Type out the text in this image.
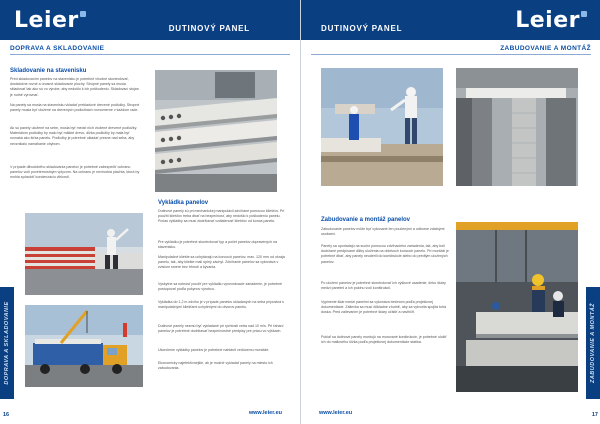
Leier	DUTINOVÝ PANEL
DOPRAVA A SKLADOVANIE
Skladovanie na stavenisku
Pred skladovaním panelov na stavenisku je potrebné vhodné skontrolovať, dostatočne rovné a únosné skladovacie plochy. Stropné panely sa musia skladovať tak ako sú vo výrobe, aby nedošlo k ich poškodeniu. Skladovací stojan je nutné vyrovnať.
Na panely sa musia na stavenisku vkladať prekladové drevené podložky. Stropné panely musia byť uložené na drevených podložkách rovnomerne v každom rade.
Ak sú panely uložené na sebe, musia byť medzi nich vložené drevené podložky. Materiálom podložky by malo byť mäkké drevo, dĺžka podložky by mala byť rovnaká ako šírka panelu. Podložky je potrebné ukladať presne nad seba, aby nevznikalo namáhanie ohybom.
V prípade dlhodobého skladovania panelov je potrebné zabezpečiť ochranu panelov voči poveternostným vplyvom. Na ochranu je nevhodná plachta, ktorá by mohla spôsobiť kondenzáciu vlhkosti.
Vykládka panelov
Dutinové panely sú pri mechanickej manipulácii zdvíhané pomocou kliešťov. Pri použití kliešťov treba dbať na bezpečnosť, aby nedošlo k poškodeniu panelu. Počas vykládky sa musí dodržiavať vzdialenosť kliešťov od konca panelu.
Pre vykládku je potrebné skontrolovať typ a počet panelov dopravených na stavenisko.
Manipulačné kliešte sa uchytávajú na koncoch panelov, max. 120 mm od okraja panelu, tak, aby kliešte mali úplný záchyt. Zdvíhanie panelov sa vykonáva v zvislom smere bez trhnutí a kývania.
Vyskytne sa nutnosť použiť pre vykládku vyrovnávacie zariadenie, je potrebné postupovať podľa pokynov výrobcu.
Vykládka do 1,2 m zdvihu je v prípade panelov ukladaných na seba prípustná s manipulačnými kliešťami uchytenými do otvorov panelu.
Dutinové panely nesmú byť vykladané pri rýchlosti vetra nad 10 m/s. Pri ťahaní panelov je potrebné dodržiavať bezpečnostné predpisy pre prácu vo výškach.
Ukončenie vykládky panelov je potrebné nahlásiť vedúcemu montáže.
Ekonomicky najefektívnejšie, ak je možné vykladať panely na miesto ich zabudovania.
DOPRAVA A SKLADOVANIE
16	www.leier.eu
DUTINOVÝ PANEL	Leier
ZABUDOVANIE A MONTÁŽ
Zabudovanie a montáž panelov
Zabudovanie panelov môže byť vykonané len poučenými a odborne zdatnými osobami.
Panely sa uporiadajú na sucho pomocou zdvíhacieho zariadenia, tak, aby boli dodržané predpísané dĺžky uloženia na obidvoch koncoch panelu. Pri montáži je potrebné dbať, aby panely neuderili do konštrukcie alebo do predtým uložených panelov.
Po uložení panelov je potrebné skontrolovať ich výškové osadenie, šírku škáry medzi panelmi a ich polohu voči konštrukcii.
Vyplnenie škár medzi panelmi sa vykonáva betónom podľa projektovej dokumentácie. Zálievka sa musí dôkladne zhutniť, aby sa vytvorila spojitá tuhá doska. Pred zalievaním je potrebné škáry očistiť a navlhčiť.
Pokiaľ sa dutinové panely montujú na murované konštrukcie, je potrebné uložiť ich do maltového lôžka podľa projektovej dokumentácie statika.	ZABUDOVANIE A MONTÁŽ
www.leier.eu	17
